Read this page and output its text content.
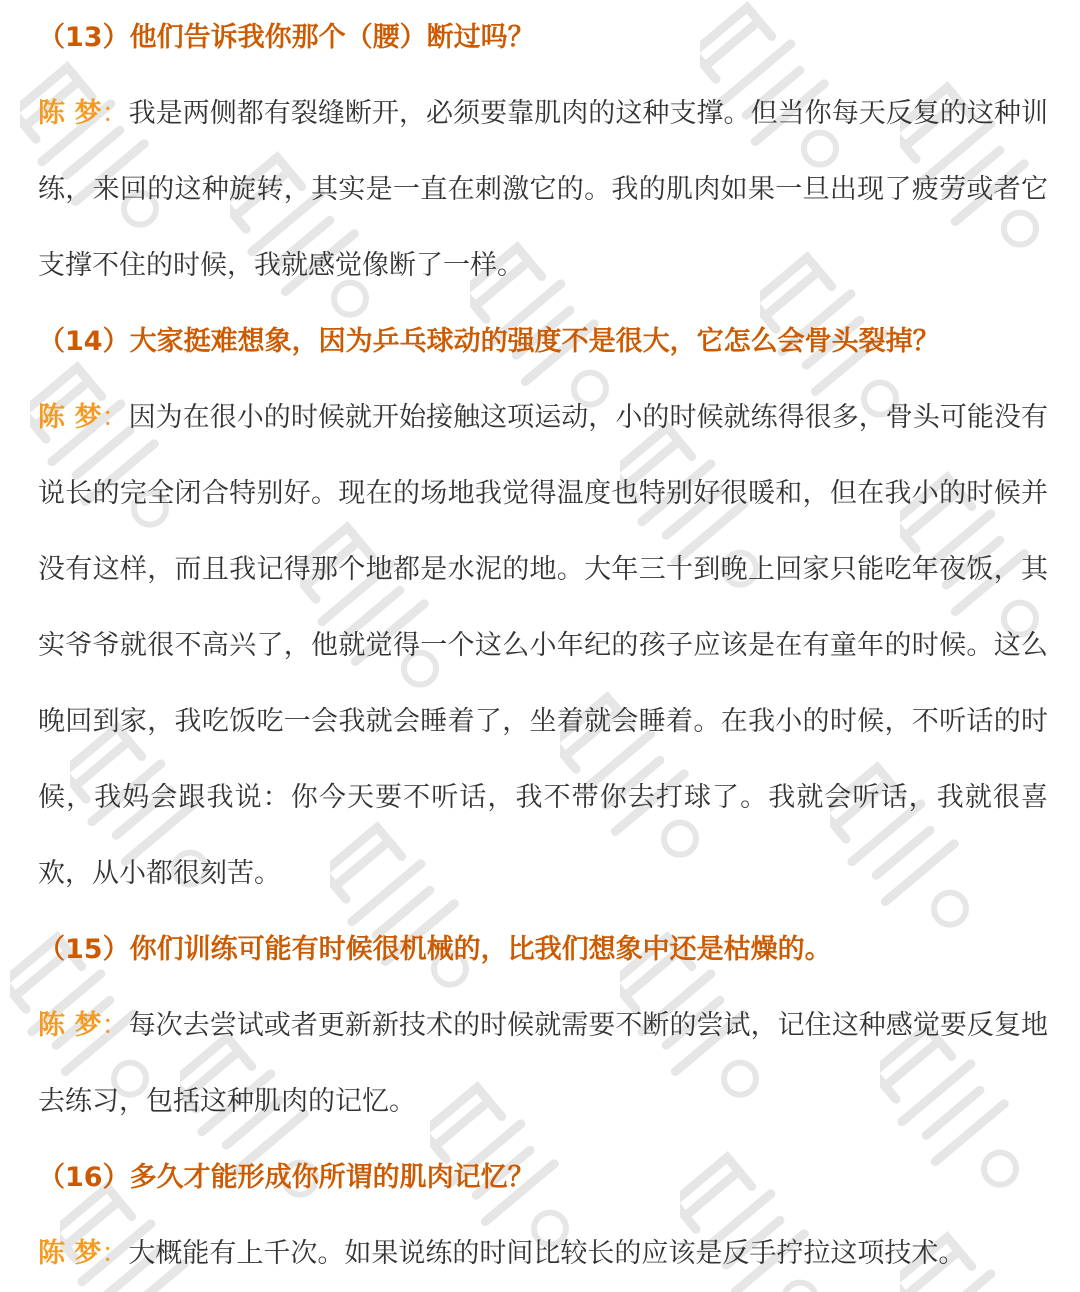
（13）他们告诉我你那个（腰）断过吗？

陈 梦：我是两侧都有裂缝断开，必须要靠肌肉的这种支撑。但当你每天反复的这种训练，来回的这种旋转，其实是一直在刺激它的。我的肌肉如果一旦出现了疲劳或者它支撑不住的时候，我就感觉像断了一样。

（14）大家挺难想象，因为乒乓球动的强度不是很大，它怎么会骨头裂掉？

陈 梦：因为在很小的时候就开始接触这项运动，小的时候就练得很多，骨头可能没有说长的完全闭合特别好。现在的场地我觉得温度也特别好很暖和，但在我小的时候并没有这样，而且我记得那个地都是水泥的地。大年三十到晚上回家只能吃年夜饭，其实爷爷就很不高兴了，他就觉得一个这么小年纪的孩子应该是在有童年的时候。这么晚回到家，我吃饭吃一会我就会睡着了，坐着就会睡着。在我小的时候，不听话的时候，我妈会跟我说：你今天要不听话，我不带你去打球了。我就会听话，我就很喜欢，从小都很刻苦。

（15）你们训练可能有时候很机械的，比我们想象中还是枯燥的。

陈 梦：每次去尝试或者更新新技术的时候就需要不断的尝试，记住这种感觉要反复地去练习，包括这种肌肉的记忆。

（16）多久才能形成你所谓的肌肉记忆？

陈 梦：大概能有上千次。如果说练的时间比较长的应该是反手拧拉这项技术。
